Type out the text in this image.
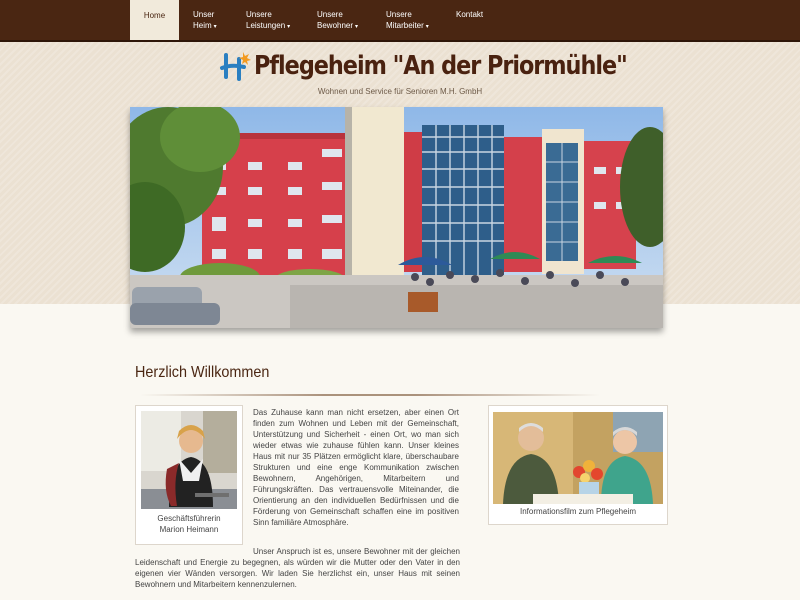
Home	Unser
Heim ▾
Unsere
Leistungen ▾
Unsere
Bewohner ▾
Unsere
Mitarbeiter ▾
Kontakt
Pflegeheim "An der Priormühle"
Wohnen und Service für Senioren M.H. GmbH
Herzlich Willkommen
Geschäftsführerin
Marion Heimann
Informationsfilm zum Pflegeheim
Das Zuhause kann man nicht ersetzen, aber einen Ort finden zum Wohnen und Leben mit der Gemeinschaft, Unterstützung und Sicherheit - einen Ort, wo man sich wieder etwas wie zuhause fühlen kann. Unser kleines Haus mit nur 35 Plätzen ermöglicht klare, überschaubare Strukturen und eine enge Kommunikation zwischen Bewohnern, Angehörigen, Mitarbeitern und Führungskräften. Das vertrauensvolle Miteinander, die Orientierung an den individuellen Bedürfnissen und die Förderung von Gemeinschaft schaffen eine im positiven Sinn familiäre Atmosphäre.
Unser Anspruch ist es, unsere Bewohner mit der gleichen Leidenschaft und Energie zu begegnen, als würden wir die Mutter oder den Vater in den eigenen vier Wänden versorgen. Wir laden Sie herzlichst ein, unser Haus mit seinen Bewohnern und Mitarbeitern kennenzulernen.
